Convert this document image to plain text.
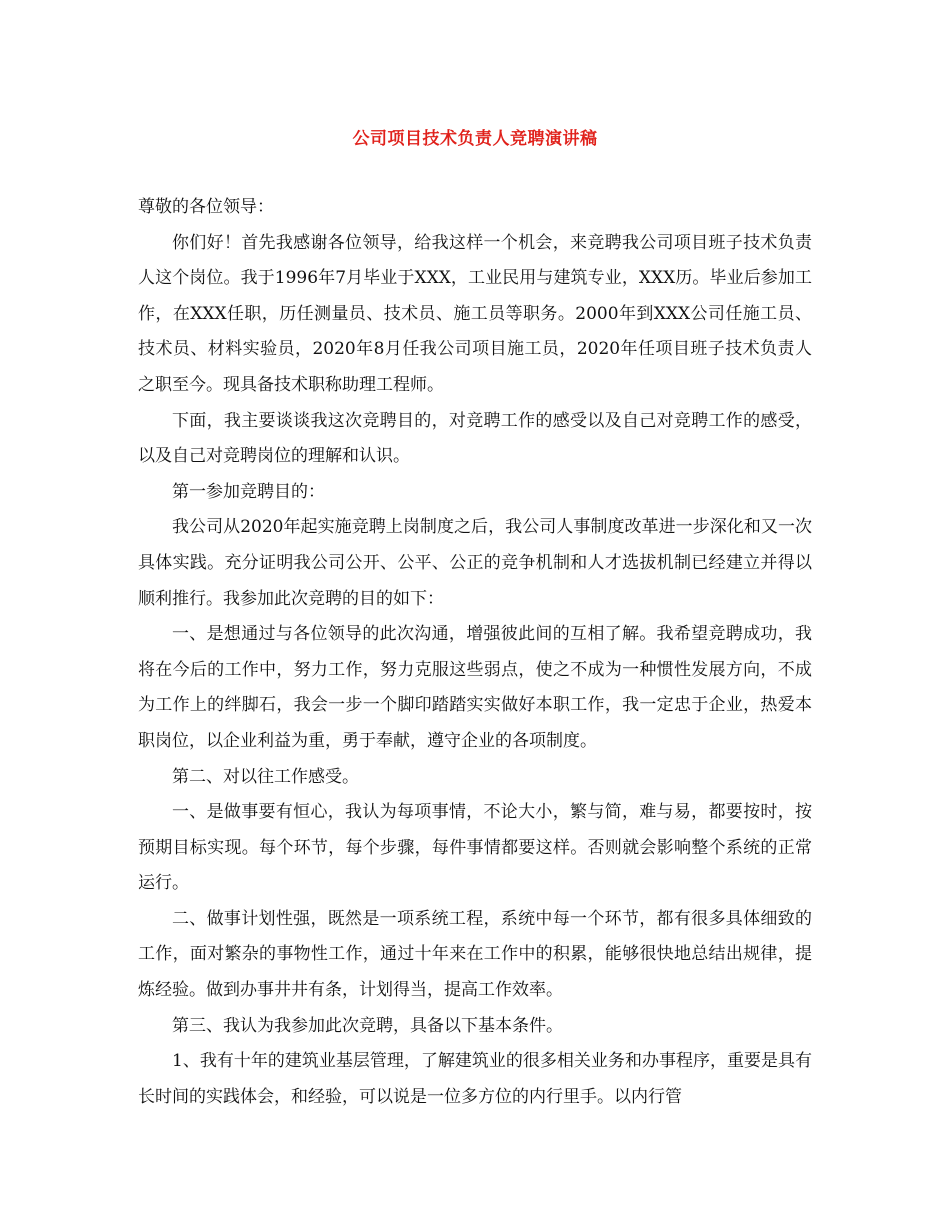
公司项目技术负责人竞聘演讲稿

尊敬的各位领导：

你们好！首先我感谢各位领导，给我这样一个机会，来竞聘我公司项目班子技术负责人这个岗位。我于1996年7月毕业于XXX，工业民用与建筑专业，XXX历。毕业后参加工作，在XXX任职，历任测量员、技术员、施工员等职务。2000年到XXX公司任施工员、技术员、材料实验员，2020年8月任我公司项目施工员，2020年任项目班子技术负责人之职至今。现具备技术职称助理工程师。

下面，我主要谈谈我这次竞聘目的，对竞聘工作的感受以及自己对竞聘工作的感受，以及自己对竞聘岗位的理解和认识。

第一参加竞聘目的：

我公司从2020年起实施竞聘上岗制度之后，我公司人事制度改革进一步深化和又一次具体实践。充分证明我公司公开、公平、公正的竞争机制和人才选拔机制已经建立并得以顺利推行。我参加此次竞聘的目的如下：

一、是想通过与各位领导的此次沟通，增强彼此间的互相了解。我希望竞聘成功，我将在今后的工作中，努力工作，努力克服这些弱点，使之不成为一种惯性发展方向，不成为工作上的绊脚石，我会一步一个脚印踏踏实实做好本职工作，我一定忠于企业，热爱本职岗位，以企业利益为重，勇于奉献，遵守企业的各项制度。

第二、对以往工作感受。

一、是做事要有恒心，我认为每项事情，不论大小，繁与简，难与易，都要按时，按预期目标实现。每个环节，每个步骤，每件事情都要这样。否则就会影响整个系统的正常运行。

二、做事计划性强，既然是一项系统工程，系统中每一个环节，都有很多具体细致的工作，面对繁杂的事物性工作，通过十年来在工作中的积累，能够很快地总结出规律，提炼经验。做到办事井井有条，计划得当，提高工作效率。

第三、我认为我参加此次竞聘，具备以下基本条件。

1、我有十年的建筑业基层管理，了解建筑业的很多相关业务和办事程序，重要是具有长时间的实践体会，和经验，可以说是一位多方位的内行里手。以内行管
